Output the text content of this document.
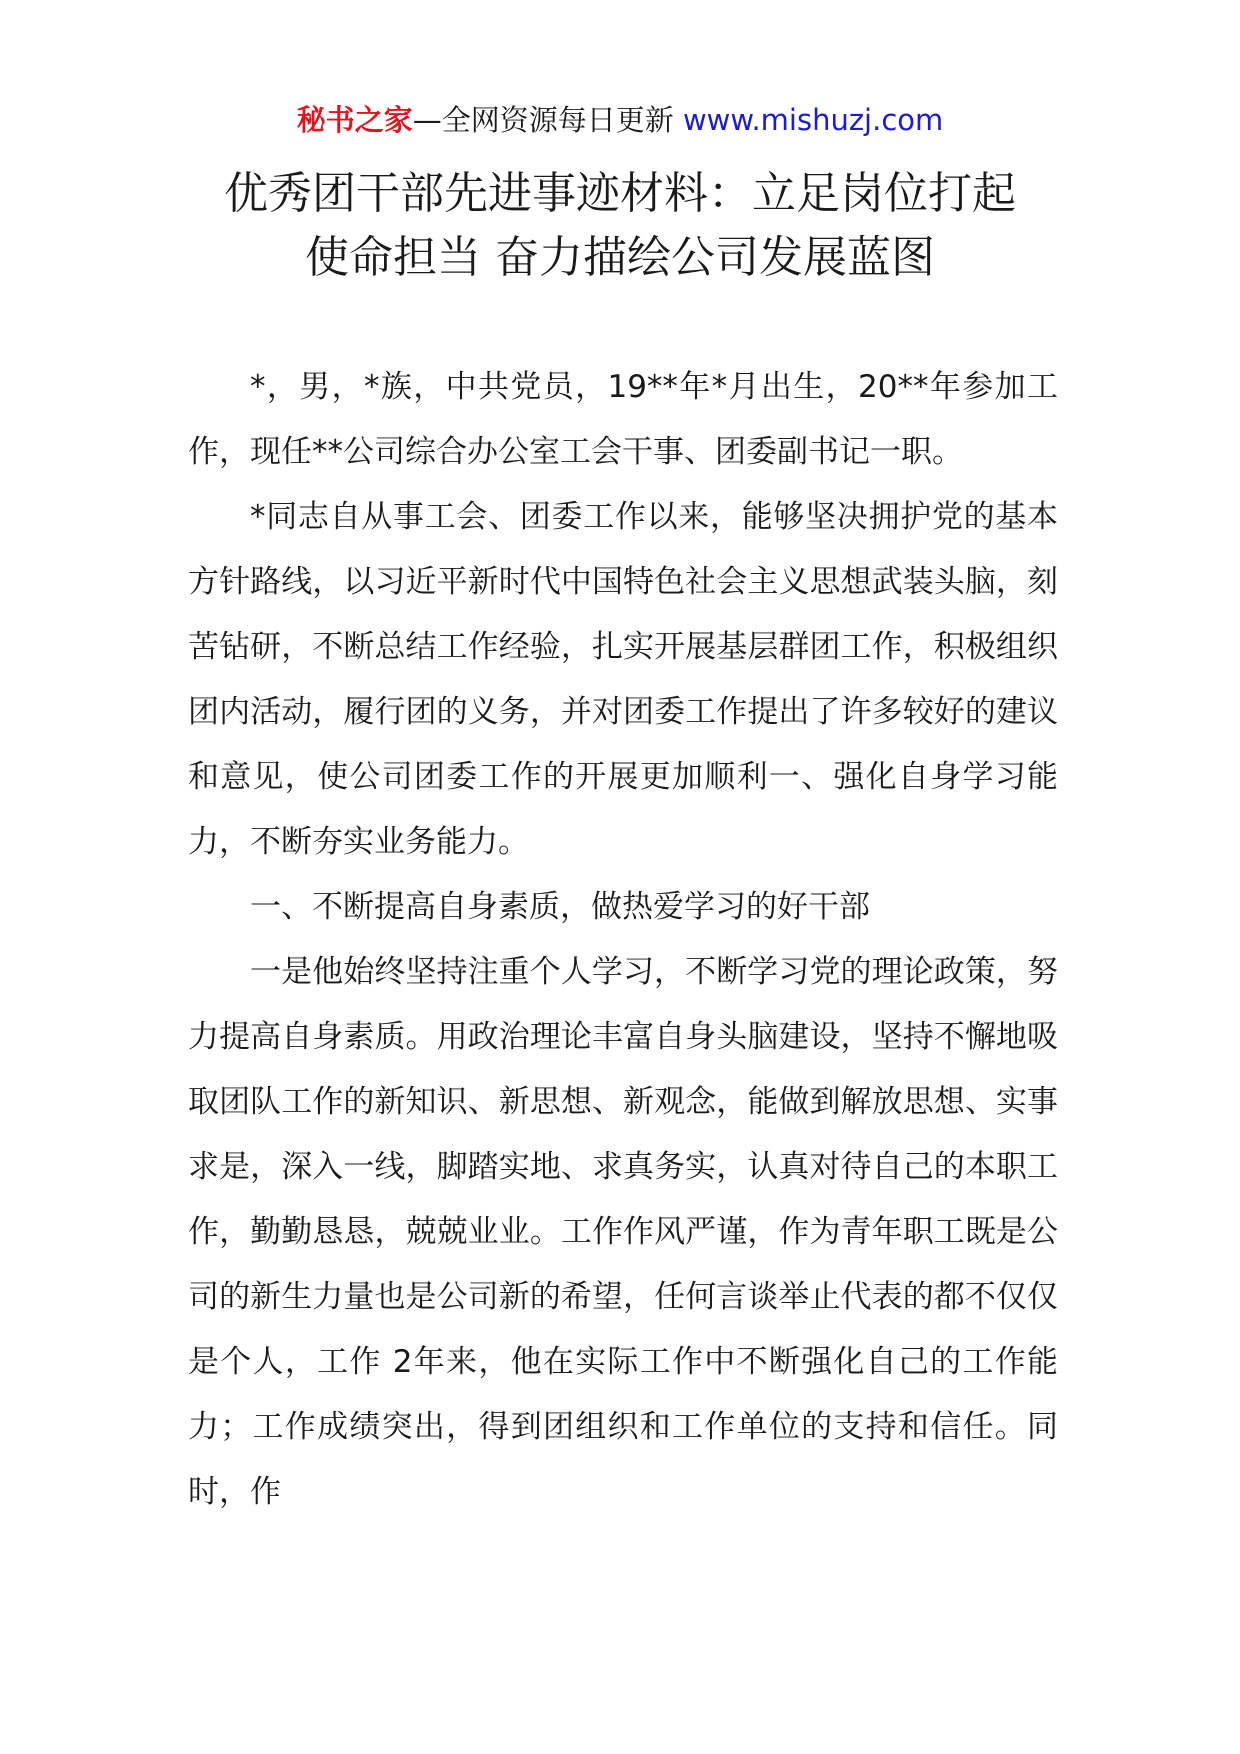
秘书之家—全网资源每日更新 www.mishuzj.com
优秀团干部先进事迹材料：立足岗位打起
使命担当 奋力描绘公司发展蓝图

*，男，*族，中共党员，19**年*月出生，20**年参加工作，现任**公司综合办公室工会干事、团委副书记一职。

*同志自从事工会、团委工作以来，能够坚决拥护党的基本方针路线，以习近平新时代中国特色社会主义思想武装头脑，刻苦钻研，不断总结工作经验，扎实开展基层群团工作，积极组织团内活动，履行团的义务，并对团委工作提出了许多较好的建议和意见，使公司团委工作的开展更加顺利一、强化自身学习能力，不断夯实业务能力。

一、不断提高自身素质，做热爱学习的好干部

一是他始终坚持注重个人学习，不断学习党的理论政策，努力提高自身素质。用政治理论丰富自身头脑建设，坚持不懈地吸取团队工作的新知识、新思想、新观念，能做到解放思想、实事求是，深入一线，脚踏实地、求真务实，认真对待自己的本职工作，勤勤恳恳，兢兢业业。工作作风严谨，作为青年职工既是公司的新生力量也是公司新的希望，任何言谈举止代表的都不仅仅是个人，工作 2年来，他在实际工作中不断强化自己的工作能力；工作成绩突出，得到团组织和工作单位的支持和信任。同时，作
